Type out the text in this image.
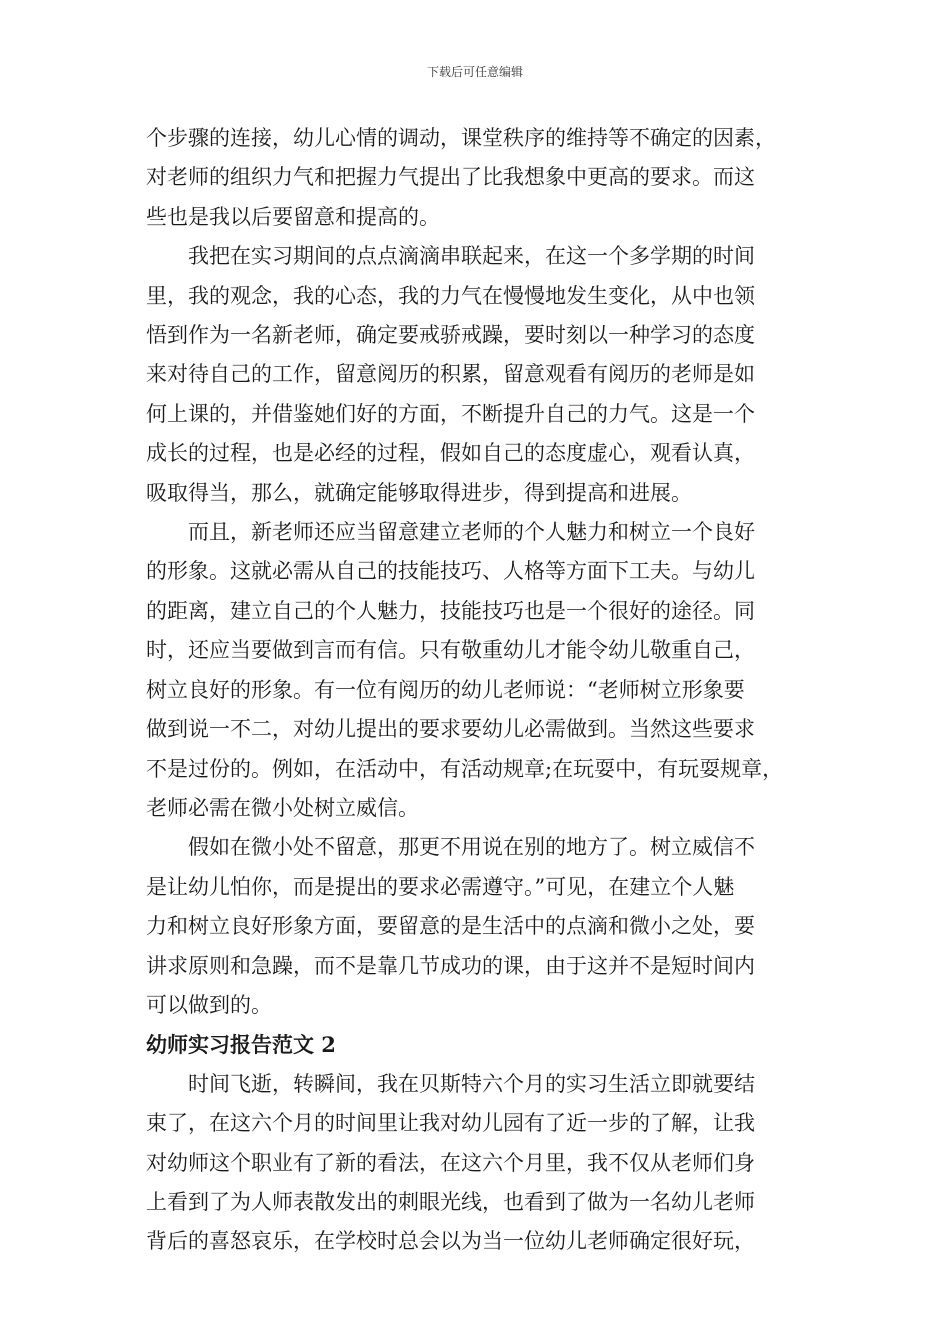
下载后可任意编辑

个步骤的连接，幼儿心情的调动，课堂秩序的维持等不确定的因素，
对老师的组织力气和把握力气提出了比我想象中更高的要求。而这
些也是我以后要留意和提高的。

我把在实习期间的点点滴滴串联起来，在这一个多学期的时间
里，我的观念，我的心态，我的力气在慢慢地发生变化，从中也领
悟到作为一名新老师，确定要戒骄戒躁，要时刻以一种学习的态度
来对待自己的工作，留意阅历的积累，留意观看有阅历的老师是如
何上课的，并借鉴她们好的方面，不断提升自己的力气。这是一个
成长的过程，也是必经的过程，假如自己的态度虚心，观看认真，
吸取得当，那么，就确定能够取得进步，得到提高和进展。

而且，新老师还应当留意建立老师的个人魅力和树立一个良好
的形象。这就必需从自己的技能技巧、人格等方面下工夫。与幼儿
的距离，建立自己的个人魅力，技能技巧也是一个很好的途径。同
时，还应当要做到言而有信。只有敬重幼儿才能令幼儿敬重自己，
树立良好的形象。有一位有阅历的幼儿老师说：“老师树立形象要
做到说一不二，对幼儿提出的要求要幼儿必需做到。当然这些要求
不是过份的。例如，在活动中，有活动规章;在玩耍中，有玩耍规章，
老师必需在微小处树立威信。

假如在微小处不留意，那更不用说在别的地方了。树立威信不
是让幼儿怕你，而是提出的要求必需遵守。”可见，在建立个人魅
力和树立良好形象方面，要留意的是生活中的点滴和微小之处，要
讲求原则和急躁，而不是靠几节成功的课，由于这并不是短时间内
可以做到的。

幼师实习报告范文 2

时间飞逝，转瞬间，我在贝斯特六个月的实习生活立即就要结
束了，在这六个月的时间里让我对幼儿园有了近一步的了解，让我
对幼师这个职业有了新的看法，在这六个月里，我不仅从老师们身
上看到了为人师表散发出的刺眼光线，也看到了做为一名幼儿老师
背后的喜怒哀乐，在学校时总会以为当一位幼儿老师确定很好玩，
